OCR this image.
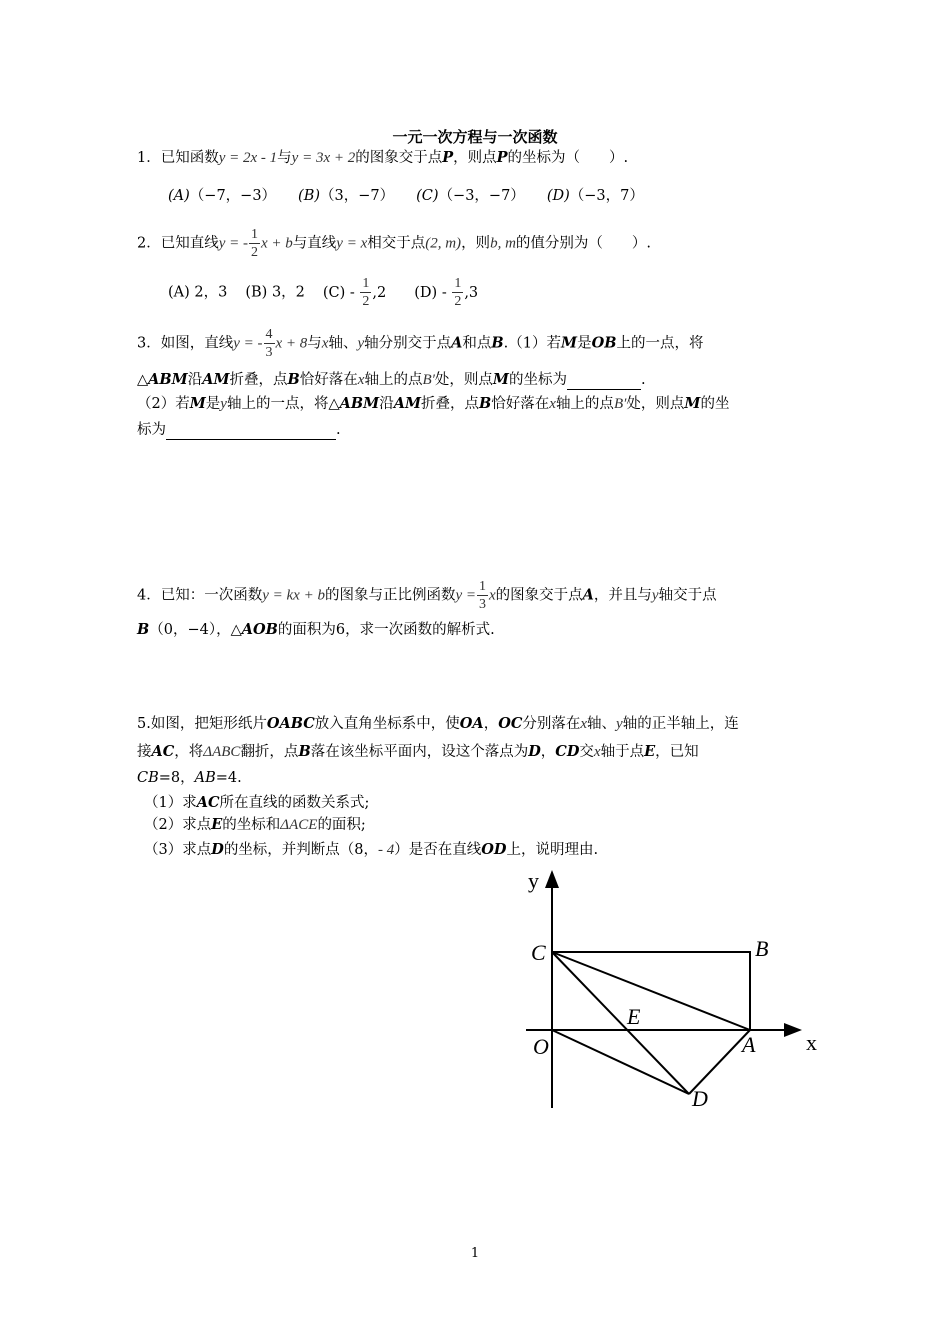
一元一次方程与一次函数
1．已知函数y = 2x - 1与y = 3x + 2的图象交于点P，则点P的坐标为（　　）.
(A)（−7，−3） (B)（3，−7） (C)（−3，−7） (D)（−3，7）
2．已知直线y = - $\frac{1}{2}$ x + b与直线y = x相交于点(2, m)，则b, m的值分别为（　　）.
(A) 2，3 (B) 3，2 $(C) - \frac{1}{2} ,2$ $(D) - \frac{1}{2} ,3$
3．如图，直线y = - $\frac{4}{3}$ x + 8与x轴、y轴分别交于点A和点B.（1）若M是OB上的一点，将
△ABM沿AM折叠，点B恰好落在x轴上的点B′处，则点M的坐标为	.
（2）若M是y轴上的一点，将△ABM沿AM折叠，点B恰好落在x轴上的点B′处，则点M的坐
标为	.
4．已知：一次函数y = kx + b的图象与正比例函数$y = \frac{1}{3}$ x的图象交于点A，并且与y轴交于点
B（0，−4），△AOB的面积为6，求一次函数的解析式.
5.如图，把矩形纸片OABC放入直角坐标系中，使OA，OC分别落在x轴、y轴的正半轴上，连
接AC，将ΔABC翻折，点B落在该坐标平面内，设这个落点为D，CD交x轴于点E，已知
CB=8，AB=4.
（1）求AC所在直线的函数关系式;
（2）求点E的坐标和ΔACE的面积;
（3）求点D的坐标，并判断点（8，- 4）是否在直线OD上，说明理由.
y
x
C	B
E
O	A
D
1
